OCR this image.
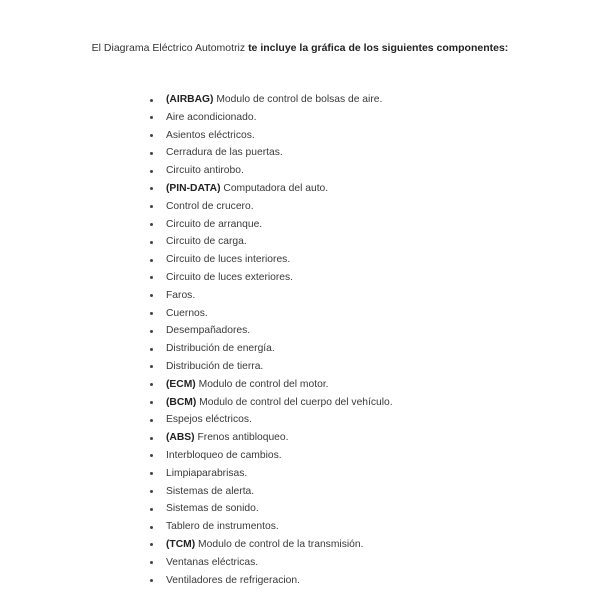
El Diagrama Eléctrico Automotriz te incluye la gráfica de los siguientes componentes:
(AIRBAG) Modulo de control de bolsas de aire.
Aire acondicionado.
Asientos eléctricos.
Cerradura de las puertas.
Circuito antirobo.
(PIN-DATA) Computadora del auto.
Control de crucero.
Circuito de arranque.
Circuito de carga.
Circuito de luces interiores.
Circuito de luces exteriores.
Faros.
Cuernos.
Desempañadores.
Distribución de energía.
Distribución de tierra.
(ECM) Modulo de control del motor.
(BCM) Modulo de control del cuerpo del vehículo.
Espejos eléctricos.
(ABS) Frenos antibloqueo.
Interbloqueo de cambios.
Limpiaparabrisas.
Sistemas de alerta.
Sistemas de sonido.
Tablero de instrumentos.
(TCM) Modulo de control de la transmisión.
Ventanas eléctricas.
Ventiladores de refrigeracion.
